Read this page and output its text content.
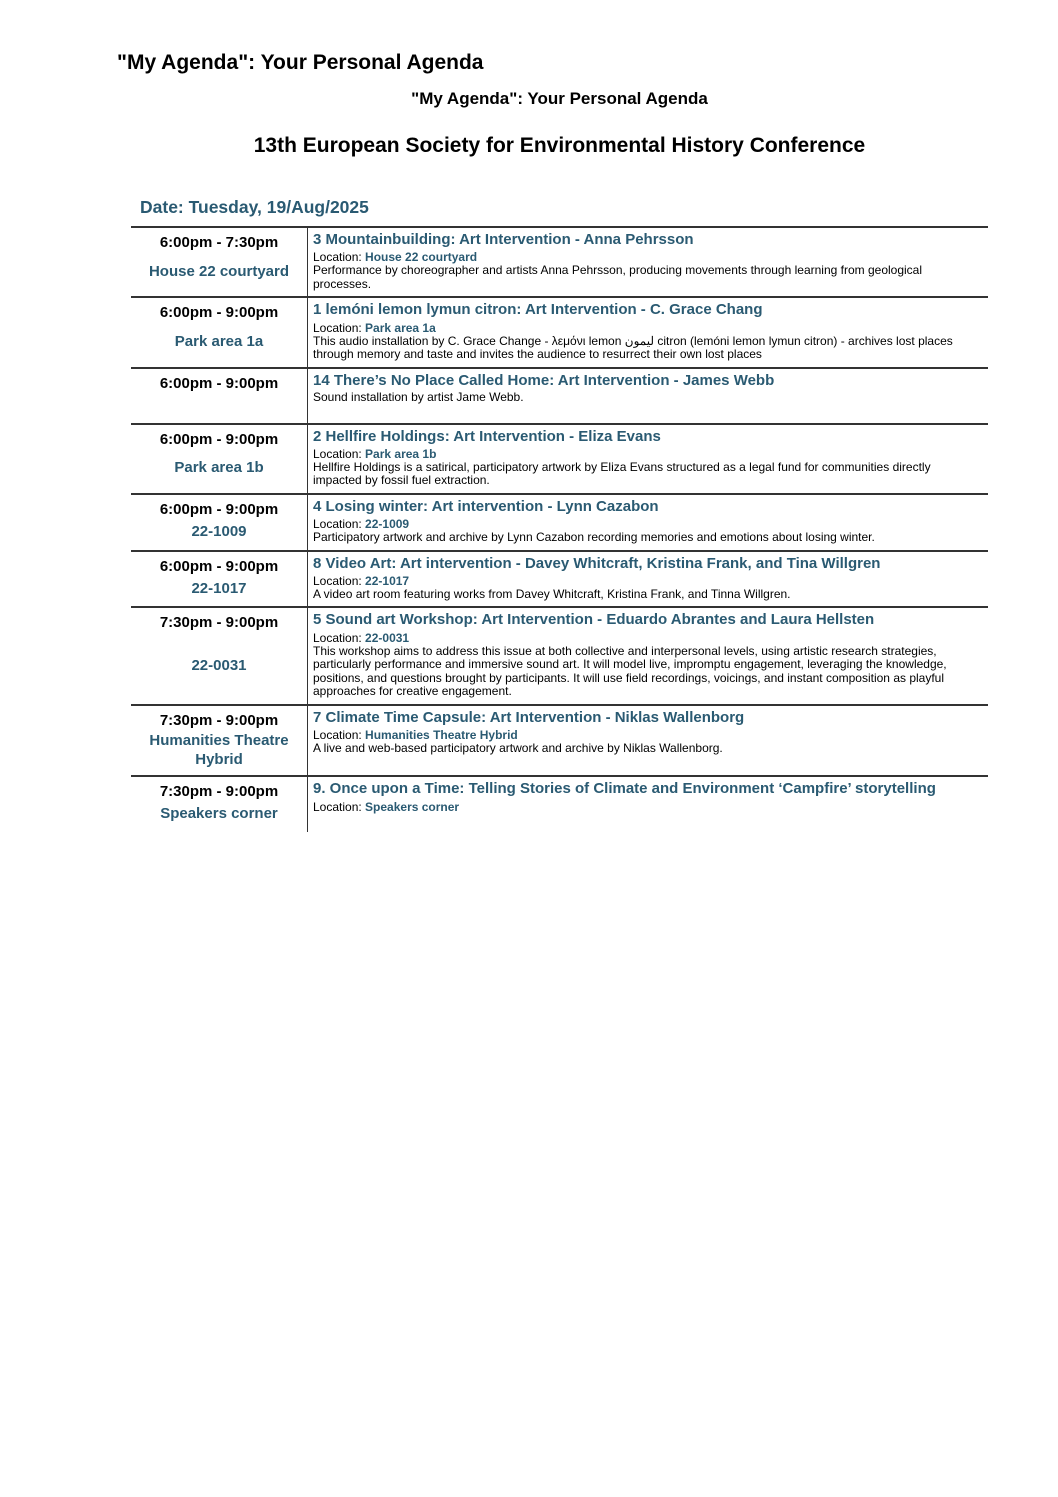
"My Agenda": Your Personal Agenda
"My Agenda": Your Personal Agenda
13th European Society for Environmental History Conference
Date: Tuesday, 19/Aug/2025
6:00pm - 7:30pm
House 22 courtyard
3 Mountainbuilding: Art Intervention - Anna Pehrsson
Location: House 22 courtyard
Performance by choreographer and artists Anna Pehrsson, producing movements through learning from geological processes.
6:00pm - 9:00pm
Park area 1a
1 lemóni lemon lymun citron: Art Intervention - C. Grace Chang
Location: Park area 1a
This audio installation by C. Grace Change - λεμόνι lemon ليمون citron (lemóni lemon lymun citron) - archives lost places through memory and taste and invites the audience to resurrect their own lost places
6:00pm - 9:00pm	14 There’s No Place Called Home: Art Intervention - James Webb
Sound installation by artist Jame Webb.
6:00pm - 9:00pm
Park area 1b
2 Hellfire Holdings: Art Intervention - Eliza Evans
Location: Park area 1b
Hellfire Holdings is a satirical, participatory artwork by Eliza Evans structured as a legal fund for communities directly impacted by fossil fuel extraction.
6:00pm - 9:00pm
22-1009
4 Losing winter: Art intervention - Lynn Cazabon
Location: 22-1009
Participatory artwork and archive by Lynn Cazabon recording memories and emotions about losing winter.
6:00pm - 9:00pm
22-1017
8 Video Art: Art intervention - Davey Whitcraft, Kristina Frank, and Tina Willgren
Location: 22-1017
A video art room featuring works from Davey Whitcraft, Kristina Frank, and Tinna Willgren.
7:30pm - 9:00pm
22-0031
5 Sound art Workshop: Art Intervention - Eduardo Abrantes and Laura Hellsten
Location: 22-0031
This workshop aims to address this issue at both collective and interpersonal levels, using artistic research strategies, particularly performance and immersive sound art. It will model live, impromptu engagement, leveraging the knowledge, positions, and questions brought by participants. It will use field recordings, voicings, and instant composition as playful approaches for creative engagement.
7:30pm - 9:00pm
Humanities Theatre Hybrid
7 Climate Time Capsule: Art Intervention - Niklas Wallenborg
Location: Humanities Theatre Hybrid
A live and web-based participatory artwork and archive by Niklas Wallenborg.
7:30pm - 9:00pm
Speakers corner
9. Once upon a Time: Telling Stories of Climate and Environment ‘Campfire’ storytelling
Location: Speakers corner
